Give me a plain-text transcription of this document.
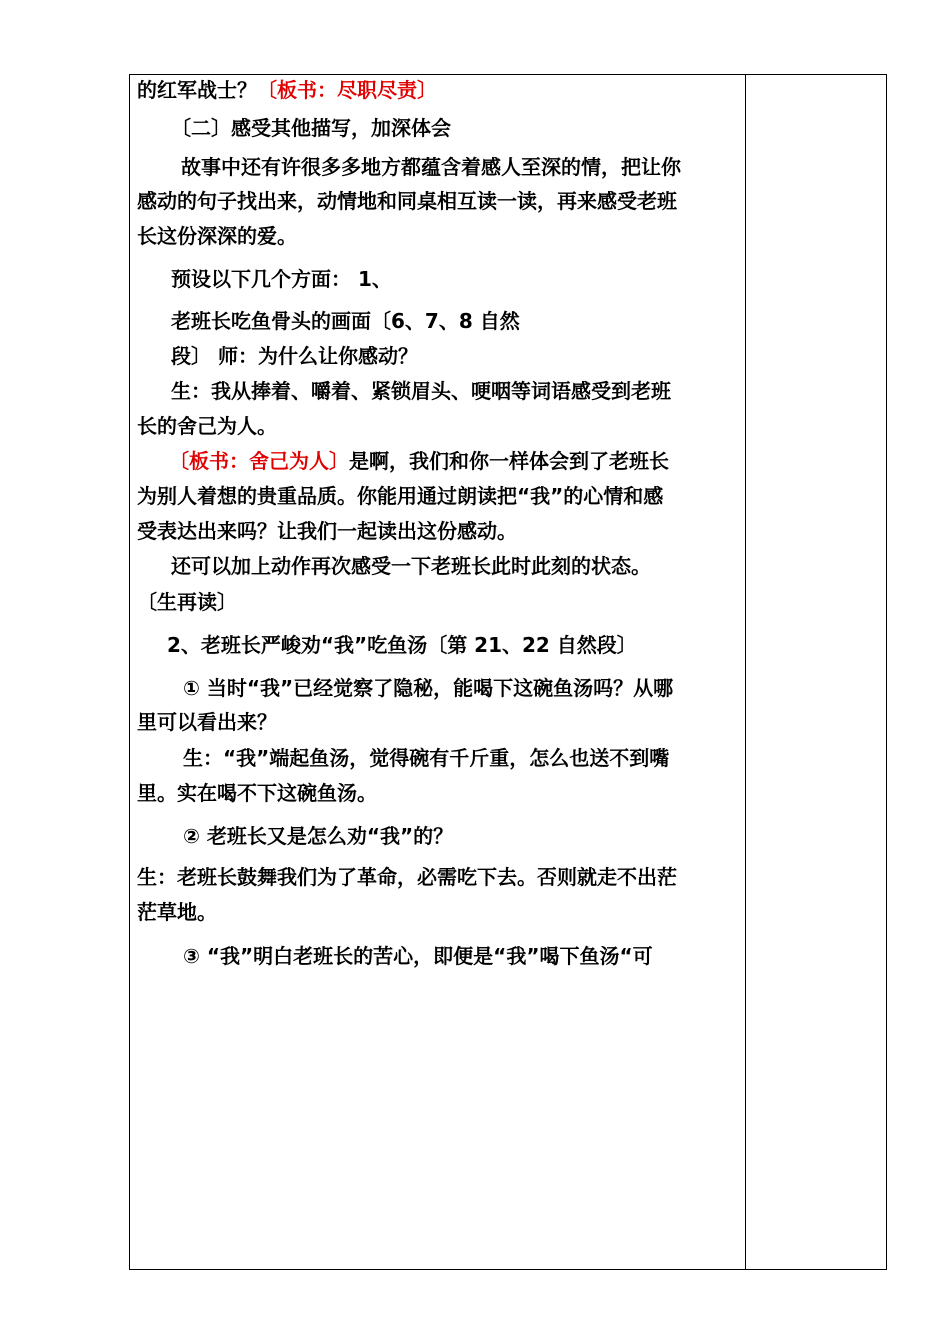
的红军战士？〔板书：尽职尽责〕
〔二〕感受其他描写，加深体会
故事中还有许很多多地方都蕴含着感人至深的情，把让你
感动的句子找出来，动情地和同桌相互读一读，再来感受老班
长这份深深的爱。
预设以下几个方面： 1、
老班长吃鱼骨头的画面〔6、7、8 自然
段〕 师：为什么让你感动？
生：我从捧着、嚼着、紧锁眉头、哽咽等词语感受到老班
长的舍己为人。
〔板书：舍己为人〕是啊，我们和你一样体会到了老班长
为别人着想的贵重品质。你能用通过朗读把“我”的心情和感
受表达出来吗？让我们一起读出这份感动。
还可以加上动作再次感受一下老班长此时此刻的状态。
〔生再读〕
2、老班长严峻劝“我”吃鱼汤〔第 21、22 自然段〕
① 当时“我”已经觉察了隐秘，能喝下这碗鱼汤吗？从哪
里可以看出来？
生：“我”端起鱼汤，觉得碗有千斤重，怎么也送不到嘴
里。实在喝不下这碗鱼汤。
② 老班长又是怎么劝“我”的？
生：老班长鼓舞我们为了革命，必需吃下去。否则就走不出茫
茫草地。
③ “我”明白老班长的苦心，即便是“我”喝下鱼汤“可
